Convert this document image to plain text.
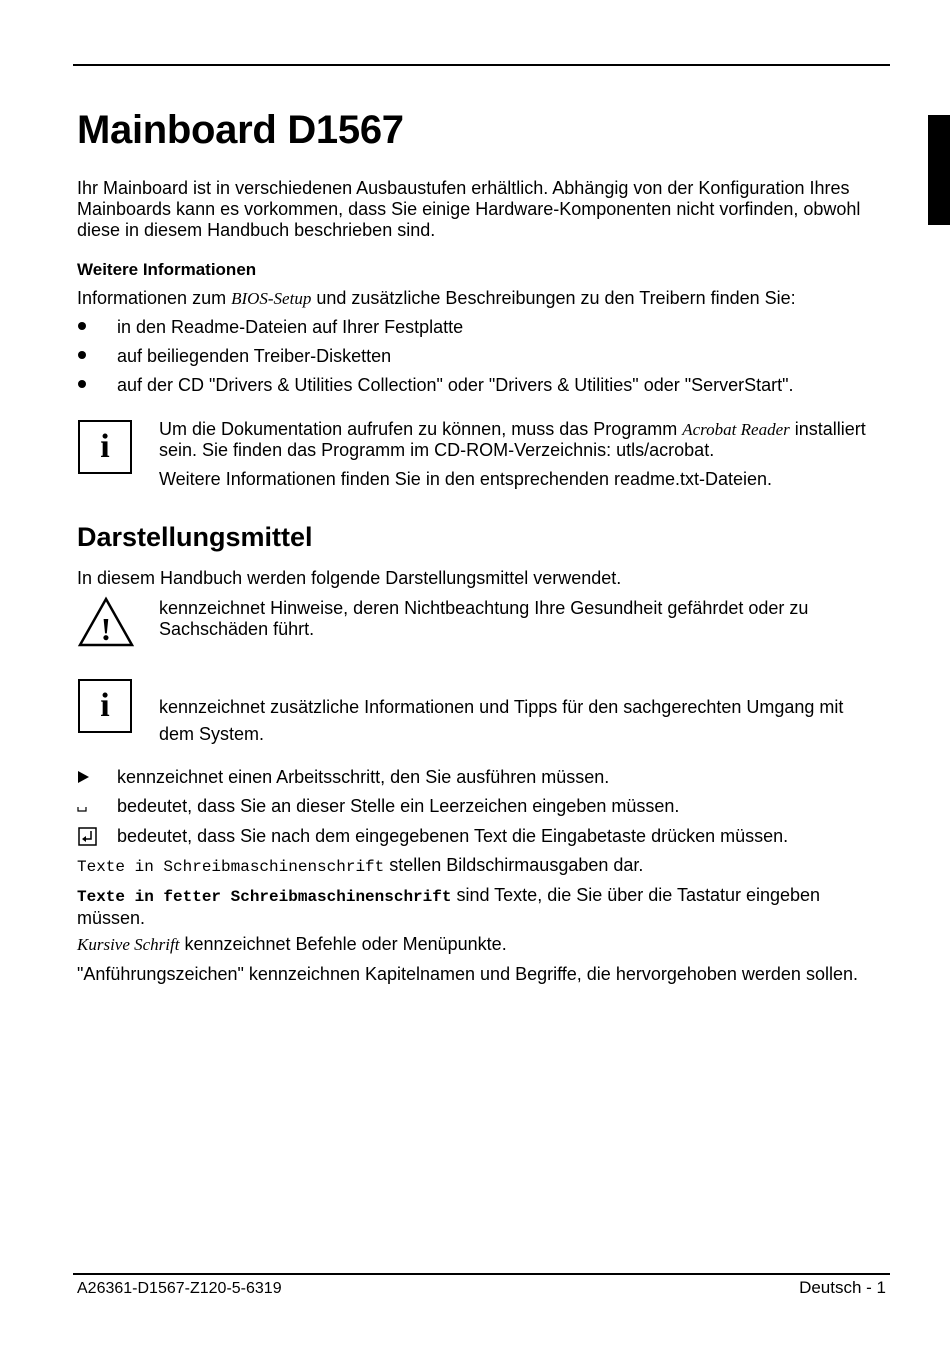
Mainboard D1567
Ihr Mainboard ist in verschiedenen Ausbaustufen erhältlich. Abhängig von der Konfiguration Ihres Mainboards kann es vorkommen, dass Sie einige Hardware-Komponenten nicht vorfinden, obwohl diese in diesem Handbuch beschrieben sind.
Weitere Informationen
Informationen zum BIOS-Setup und zusätzliche Beschreibungen zu den Treibern finden Sie:
in den Readme-Dateien auf Ihrer Festplatte
auf beiliegenden Treiber-Disketten
auf der CD "Drivers & Utilities Collection" oder "Drivers & Utilities" oder "ServerStart".
i	Um die Dokumentation aufrufen zu können, muss das Programm Acrobat Reader installiert sein. Sie finden das Programm im CD-ROM-Verzeichnis: utls/acrobat.
Weitere Informationen finden Sie in den entsprechenden readme.txt-Dateien.
Darstellungsmittel
In diesem Handbuch werden folgende Darstellungsmittel verwendet.
!
kennzeichnet Hinweise, deren Nichtbeachtung Ihre Gesundheit gefährdet oder zu Sachschäden führt.
i	kennzeichnet zusätzliche Informationen und Tipps für den sachgerechten Umgang mit dem System.
kennzeichnet einen Arbeitsschritt, den Sie ausführen müssen.
bedeutet, dass Sie an dieser Stelle ein Leerzeichen eingeben müssen.
bedeutet, dass Sie nach dem eingegebenen Text die Eingabetaste drücken müssen.
Texte in Schreibmaschinenschrift stellen Bildschirmausgaben dar.
Texte in fetter Schreibmaschinenschrift sind Texte, die Sie über die Tastatur eingeben müssen.
Kursive Schrift kennzeichnet Befehle oder Menüpunkte.
"Anführungszeichen" kennzeichnen Kapitelnamen und Begriffe, die hervorgehoben werden sollen.
A26361-D1567-Z120-5-6319	Deutsch - 1
